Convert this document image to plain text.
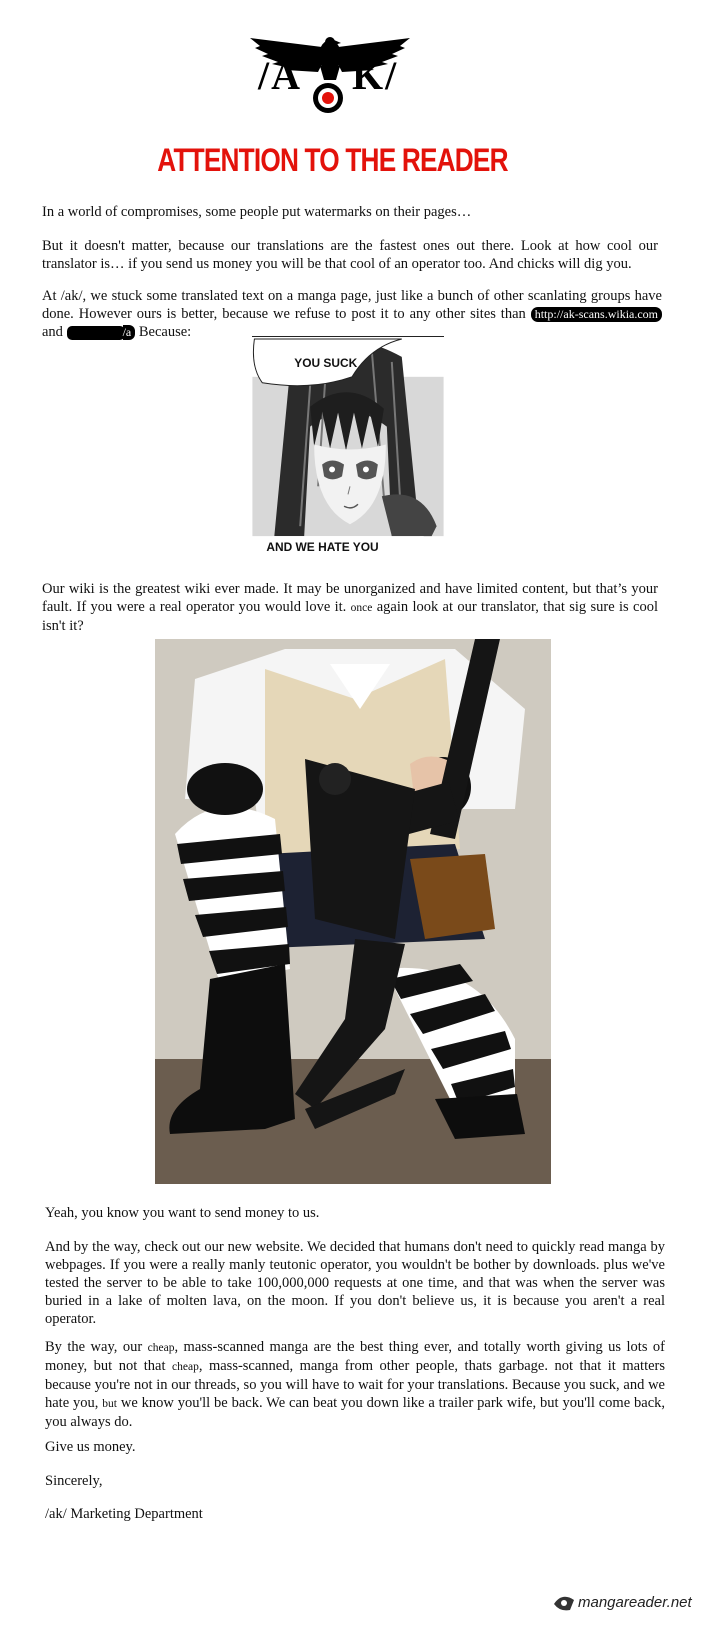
/A K/
ATTENTION TO THE READER
In a world of compromises, some people put watermarks on their pages…
But it doesn't matter, because our translations are the fastest ones out there. Look at how cool our translator is… if you send us money you will be that cool of an operator too. And chicks will dig you.
At /ak/, we stuck some translated text on a manga page, just like a bunch of other scanlating groups have done. However ours is better, because we refuse to post it to any other sites than http://ak-scans.wikia.com and	/a Because:
YOU SUCK
AND WE HATE YOU
Our wiki is the greatest wiki ever made. It may be unorganized and have limited content, but that’s your fault. If you were a real operator you would love it. once again look at our translator, that sig sure is cool isn't it?
Yeah, you know you want to send money to us.
And by the way, check out our new website. We decided that humans don't need to quickly read manga by webpages. If you were a really manly teutonic operator, you wouldn't be bother by downloads. plus we've tested the server to be able to take 100,000,000 requests at one time, and that was when the server was buried in a lake of molten lava, on the moon. If you don't believe us, it is because you aren't a real operator.
By the way, our cheap, mass-scanned manga are the best thing ever, and totally worth giving us lots of money, but not that cheap, mass-scanned, manga from other people, thats garbage. not that it matters because you're not in our threads, so you will have to wait for your translations. Because you suck, and we hate you, but we know you'll be back. We can beat you down like a trailer park wife, but you'll come back, you always do.
Give us money.
Sincerely,
/ak/ Marketing Department
mangareader.net
